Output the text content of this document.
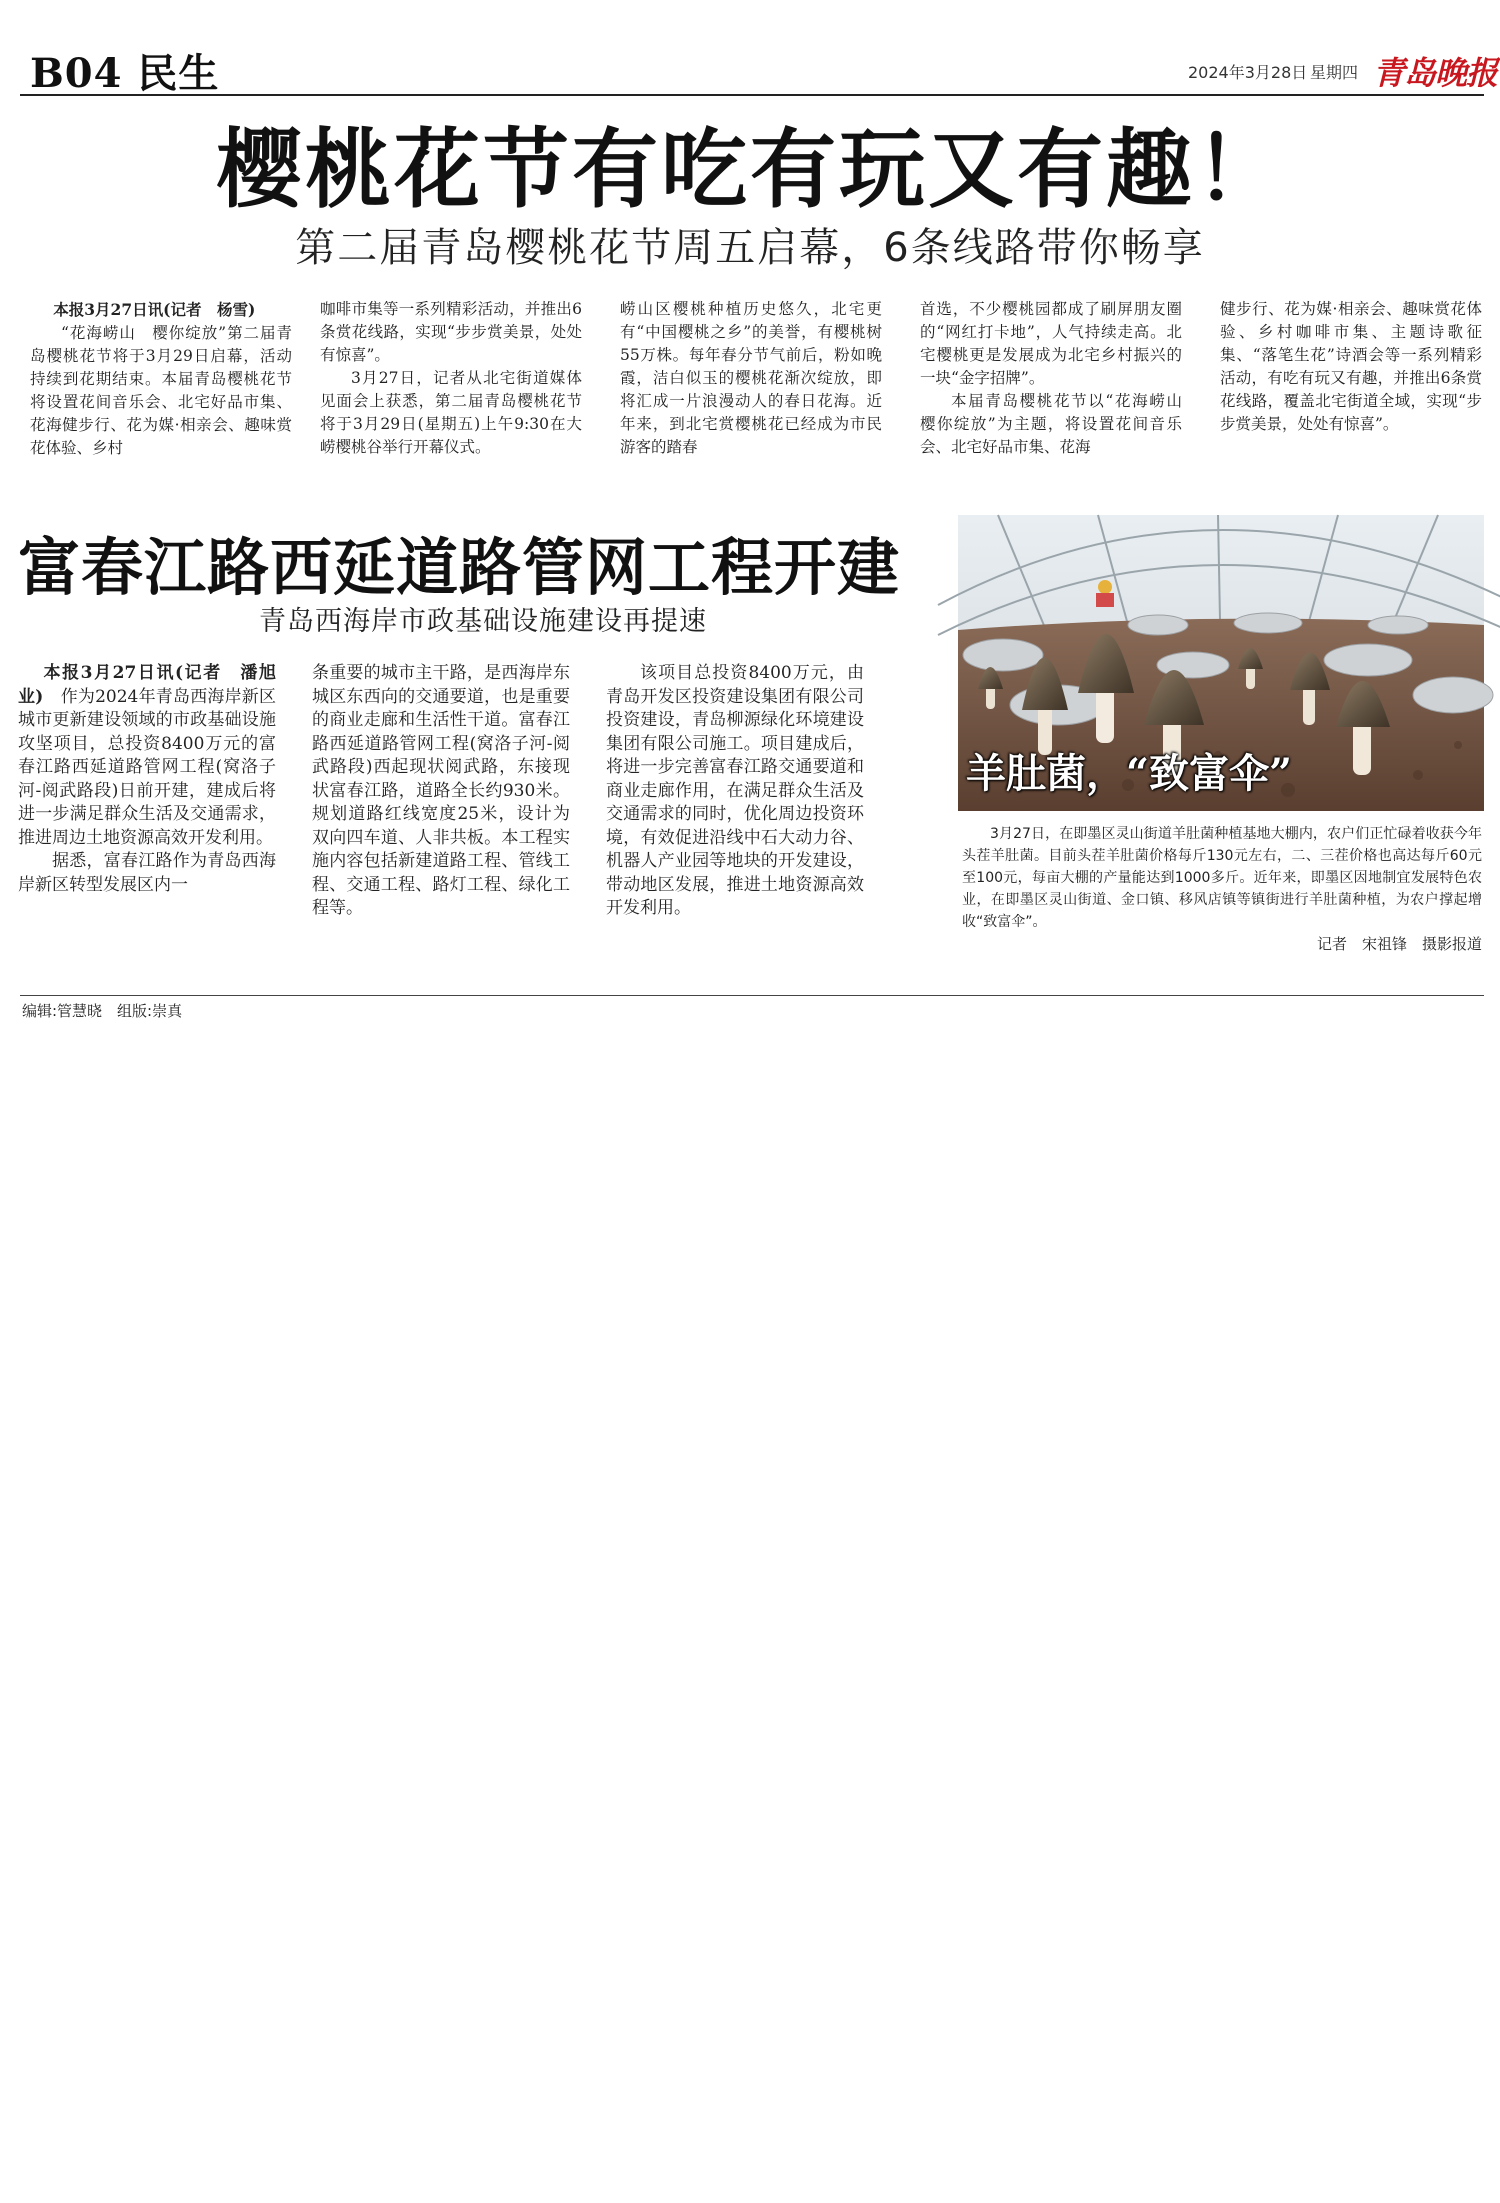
B04 民生	2024年3月28日 星期四 青岛晚报
樱桃花节有吃有玩又有趣！
第二届青岛樱桃花节周五启幕，6条线路带你畅享

本报3月27日讯(记者　杨雪)

“花海崂山　樱你绽放”第二届青岛樱桃花节将于3月29日启幕，活动持续到花期结束。本届青岛樱桃花节将设置花间音乐会、北宅好品市集、花海健步行、花为媒·相亲会、趣味赏花体验、乡村

咖啡市集等一系列精彩活动，并推出6条赏花线路，实现“步步赏美景，处处有惊喜”。

3月27日，记者从北宅街道媒体见面会上获悉，第二届青岛樱桃花节将于3月29日(星期五)上午9:30在大崂樱桃谷举行开幕仪式。

崂山区樱桃种植历史悠久，北宅更有“中国樱桃之乡”的美誉，有樱桃树55万株。每年春分节气前后，粉如晚霞，洁白似玉的樱桃花渐次绽放，即将汇成一片浪漫动人的春日花海。近年来，到北宅赏樱桃花已经成为市民游客的踏春

首选，不少樱桃园都成了刷屏朋友圈的“网红打卡地”，人气持续走高。北宅樱桃更是发展成为北宅乡村振兴的一块“金字招牌”。

本届青岛樱桃花节以“花海崂山　樱你绽放”为主题，将设置花间音乐会、北宅好品市集、花海

健步行、花为媒·相亲会、趣味赏花体验、乡村咖啡市集、主题诗歌征集、“落笔生花”诗酒会等一系列精彩活动，有吃有玩又有趣，并推出6条赏花线路，覆盖北宅街道全域，实现“步步赏美景，处处有惊喜”。

富春江路西延道路管网工程开建
青岛西海岸市政基础设施建设再提速

本报3月27日讯(记者　潘旭业)　 作为2024年青岛西海岸新区城市更新建设领域的市政基础设施攻坚项目，总投资8400万元的富春江路西延道路管网工程(窝洛子河-阅武路段)日前开建，建成后将进一步满足群众生活及交通需求，推进周边土地资源高效开发利用。

据悉，富春江路作为青岛西海岸新区转型发展区内一

条重要的城市主干路，是西海岸东城区东西向的交通要道，也是重要的商业走廊和生活性干道。富春江路西延道路管网工程(窝洛子河-阅武路段)西起现状阅武路，东接现状富春江路，道路全长约930米。规划道路红线宽度25米，设计为双向四车道、人非共板。本工程实施内容包括新建道路工程、管线工程、交通工程、路灯工程、绿化工程等。

该项目总投资8400万元，由青岛开发区投资建设集团有限公司投资建设，青岛柳源绿化环境建设集团有限公司施工。项目建成后，将进一步完善富春江路交通要道和商业走廊作用，在满足群众生活及交通需求的同时，优化周边投资环境，有效促进沿线中石大动力谷、机器人产业园等地块的开发建设，带动地区发展，推进土地资源高效开发利用。

羊肚菌，“致富伞”

3月27日，在即墨区灵山街道羊肚菌种植基地大棚内，农户们正忙碌着收获今年头茬羊肚菌。目前头茬羊肚菌价格每斤130元左右，二、三茬价格也高达每斤60元至100元，每亩大棚的产量能达到1000多斤。近年来，即墨区因地制宜发展特色农业，在即墨区灵山街道、金口镇、移风店镇等镇街进行羊肚菌种植，为农户撑起增收“致富伞”。

记者　宋祖锋　摄影报道
编辑:管慧晓　组版:崇真
